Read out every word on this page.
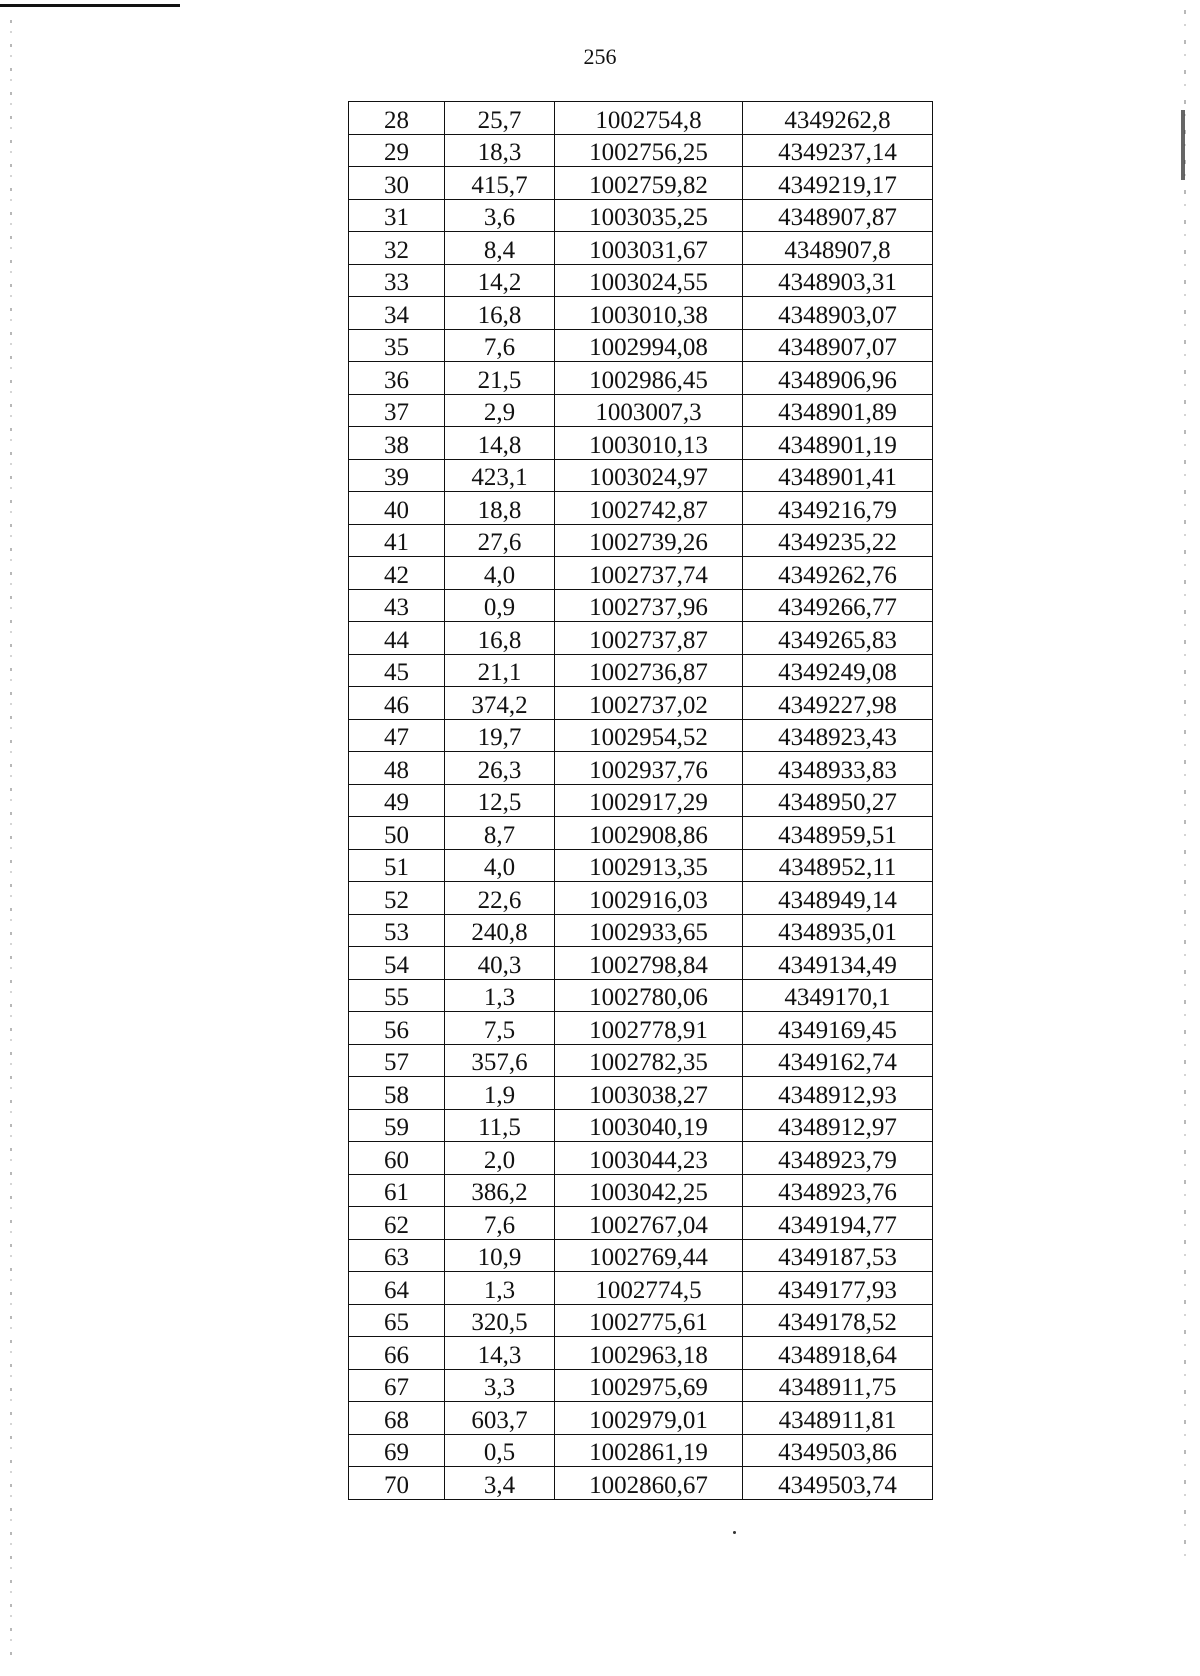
256
28	25,7	1002754,8	4349262,8
29	18,3	1002756,25	4349237,14
30	415,7	1002759,82	4349219,17
31	3,6	1003035,25	4348907,87
32	8,4	1003031,67	4348907,8
33	14,2	1003024,55	4348903,31
34	16,8	1003010,38	4348903,07
35	7,6	1002994,08	4348907,07
36	21,5	1002986,45	4348906,96
37	2,9	1003007,3	4348901,89
38	14,8	1003010,13	4348901,19
39	423,1	1003024,97	4348901,41
40	18,8	1002742,87	4349216,79
41	27,6	1002739,26	4349235,22
42	4,0	1002737,74	4349262,76
43	0,9	1002737,96	4349266,77
44	16,8	1002737,87	4349265,83
45	21,1	1002736,87	4349249,08
46	374,2	1002737,02	4349227,98
47	19,7	1002954,52	4348923,43
48	26,3	1002937,76	4348933,83
49	12,5	1002917,29	4348950,27
50	8,7	1002908,86	4348959,51
51	4,0	1002913,35	4348952,11
52	22,6	1002916,03	4348949,14
53	240,8	1002933,65	4348935,01
54	40,3	1002798,84	4349134,49
55	1,3	1002780,06	4349170,1
56	7,5	1002778,91	4349169,45
57	357,6	1002782,35	4349162,74
58	1,9	1003038,27	4348912,93
59	11,5	1003040,19	4348912,97
60	2,0	1003044,23	4348923,79
61	386,2	1003042,25	4348923,76
62	7,6	1002767,04	4349194,77
63	10,9	1002769,44	4349187,53
64	1,3	1002774,5	4349177,93
65	320,5	1002775,61	4349178,52
66	14,3	1002963,18	4348918,64
67	3,3	1002975,69	4348911,75
68	603,7	1002979,01	4348911,81
69	0,5	1002861,19	4349503,86
70	3,4	1002860,67	4349503,74
